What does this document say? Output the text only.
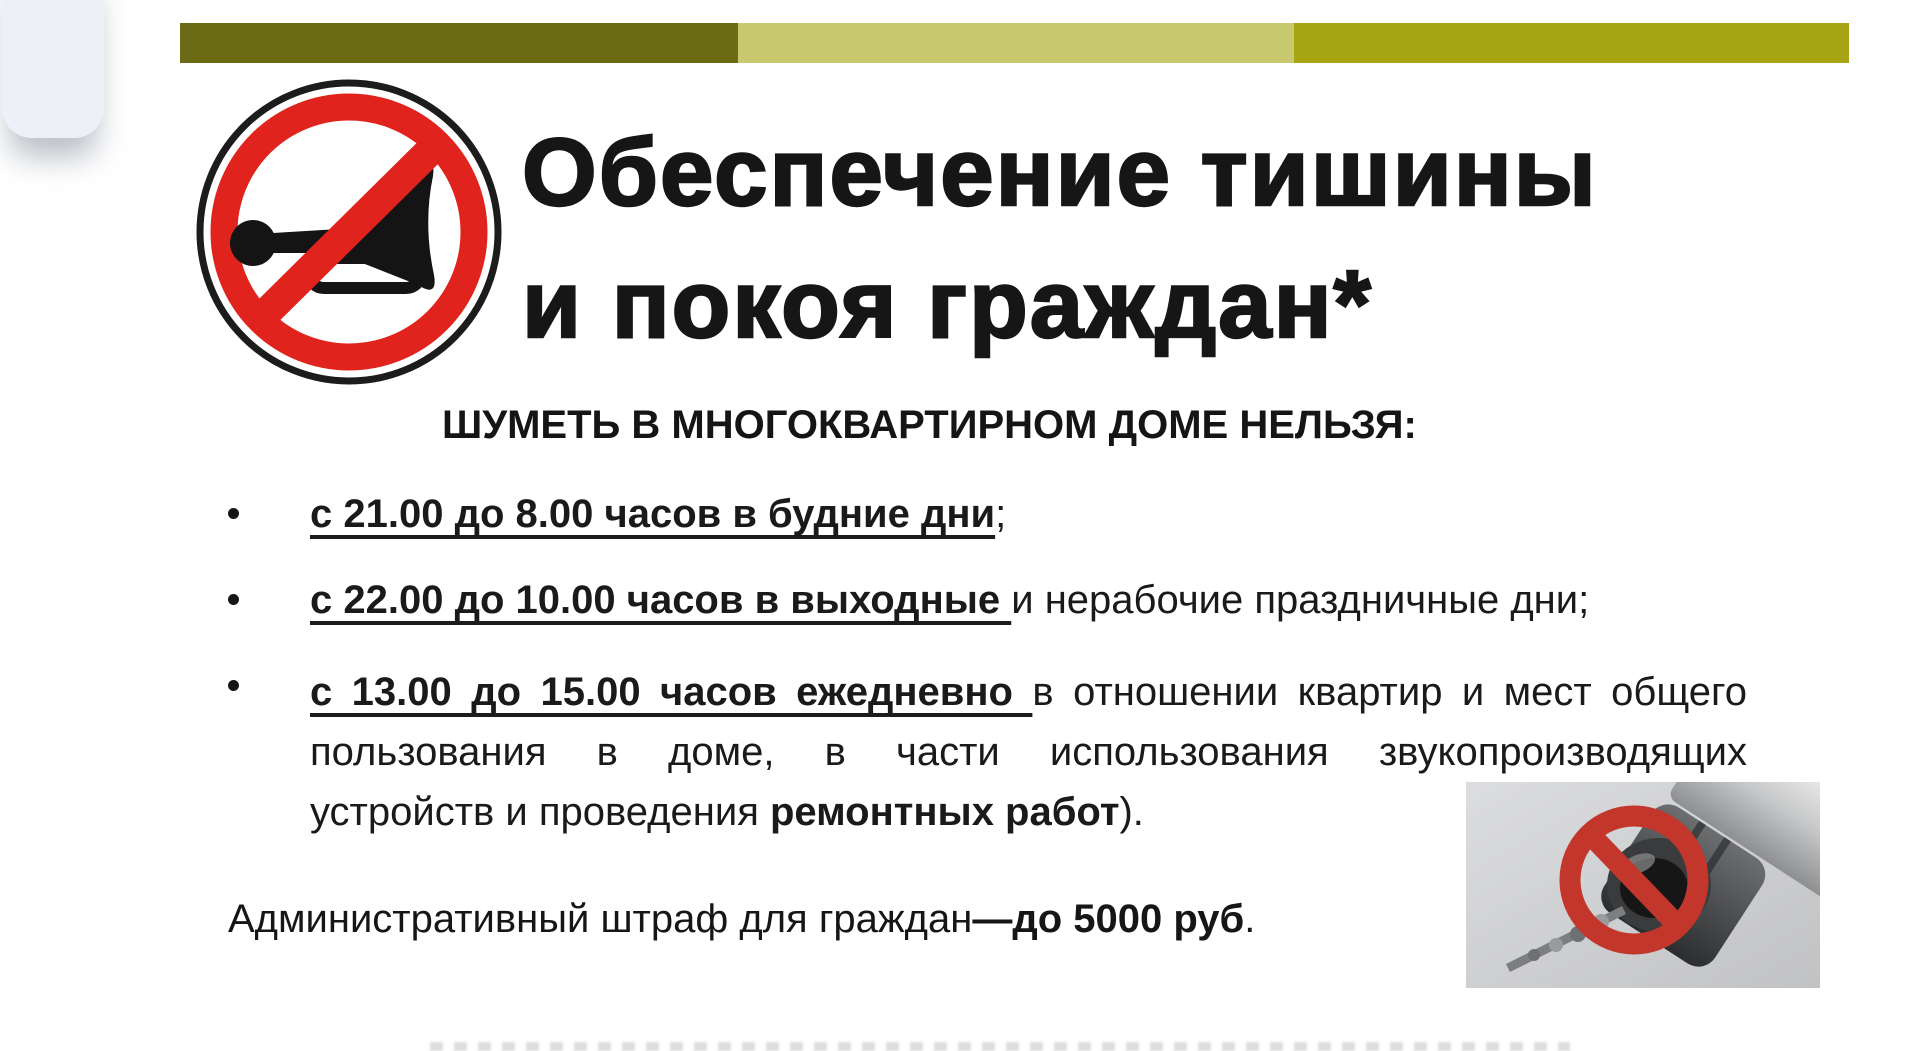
Обеспечение тишины
и покоя граждан*
ШУМЕТЬ В МНОГОКВАРТИРНОМ ДОМЕ НЕЛЬЗЯ:
с 21.00 до 8.00 часов в будние дни;
с 22.00 до 10.00 часов в выходные и нерабочие праздничные дни;
с 13.00 до 15.00 часов ежедневно в отношении квартир и мест общего
пользования в доме, в части использования звукопроизводящих
устройств и проведения ремонтных работ).
Административный штраф для граждан—до 5000 руб.
